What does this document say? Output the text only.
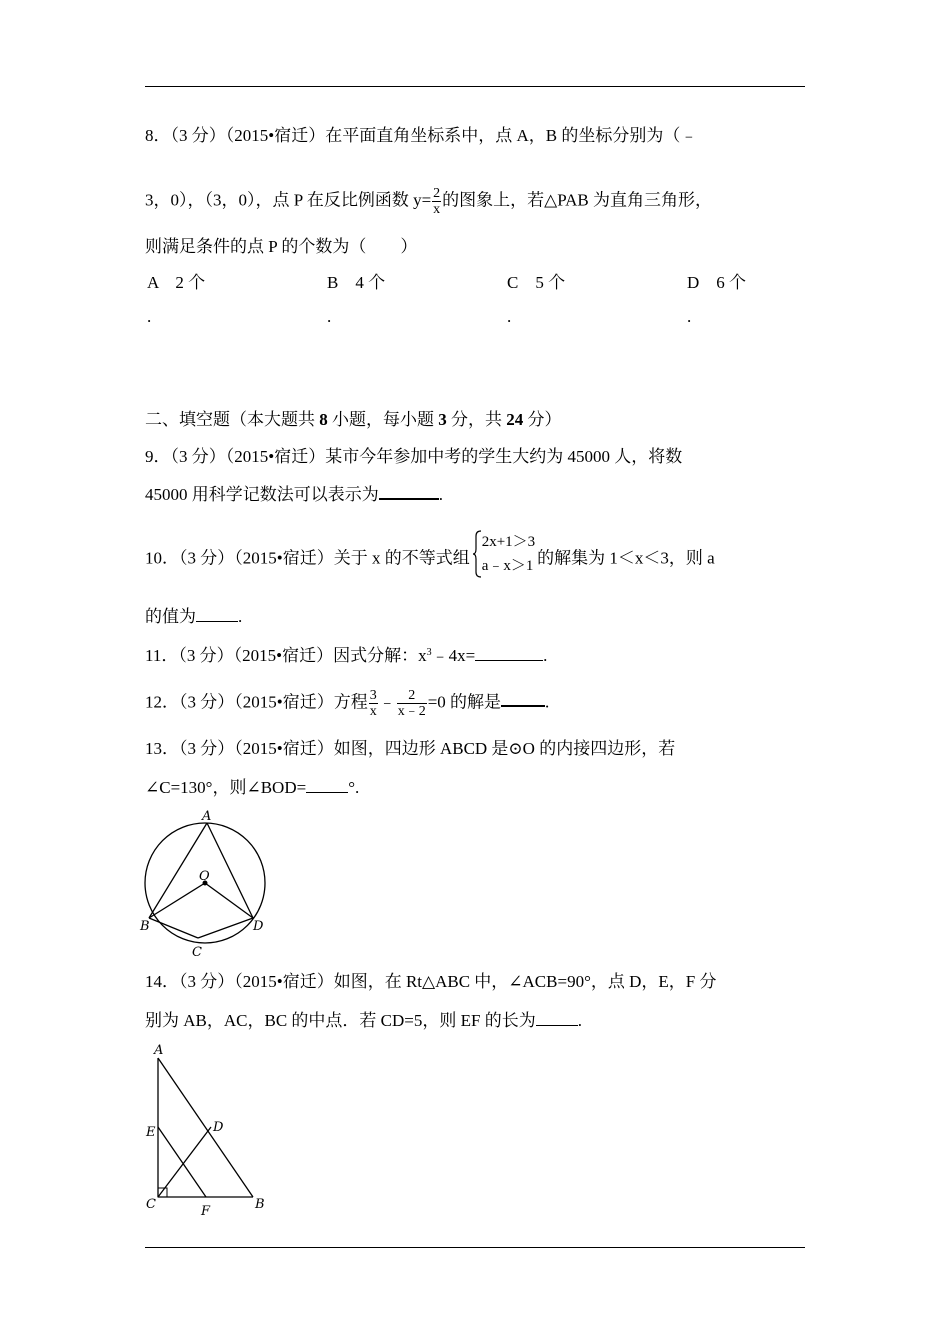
8．（3 分）（2015•宿迁）在平面直角坐标系中，点 A，B 的坐标分别为（﹣
3，0），（3，0），点 P 在反比例函数 $y= \frac{2}{x}$ 的图象上，若△PAB 为直角三角形，
则满足条件的点 P 的个数为（　　）
A　2 个	B　4 个	C　5 个	D　6 个
.	.	.	.
二、填空题（本大题共 8 小题，每小题 3 分，共 24 分）
9．（3 分）（2015•宿迁）某市今年参加中考的学生大约为 45000 人，将数
45000 用科学记数法可以表示为	.
10．（3 分）（2015•宿迁）关于 x 的不等式组
2x+1＞3
a﹣x＞1 的解集为 1＜x＜3，则 a
的值为 .
11．（3 分）（2015•宿迁）因式分解：$x^3﹣4x=$	.
12．（3 分）（2015•宿迁）方程 $\frac{3}{x}$ ﹣ $\frac{2}{x﹣2} =0$ 的解是	.
13．（3 分）（2015•宿迁）如图，四边形 ABCD 是⊙O 的内接四边形，若
∠C=130°，则∠BOD= °.
A
O
B
C
D
14．（3 分）（2015•宿迁）如图，在 Rt△ABC 中，∠ACB=90°，点 D，E，F 分
别为 AB，AC，BC 的中点．若 CD=5，则 EF 的长为 .
A
E	D
C	F	B
